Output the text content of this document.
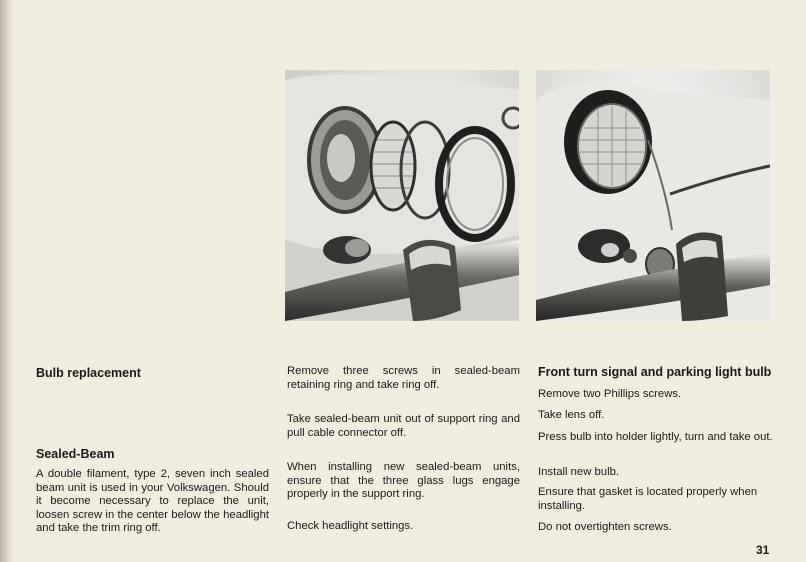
Bulb replacement
Sealed-Beam

A double filament, type 2, seven inch sealed beam unit is used in your Volkswagen. Should it become necessary to replace the unit, loosen screw in the center below the headlight and take the trim ring off.

Remove three screws in sealed-beam retaining ring and take ring off.

Take sealed-beam unit out of support ring and pull cable connector off.

When installing new sealed-beam units, ensure that the three glass lugs engage properly in the support ring.

Check headlight settings.

Front turn signal and parking light bulb

Remove two Phillips screws.

Take lens off.

Press bulb into holder lightly, turn and take out.

Install new bulb.

Ensure that gasket is located properly when installing.

Do not overtighten screws.

31
